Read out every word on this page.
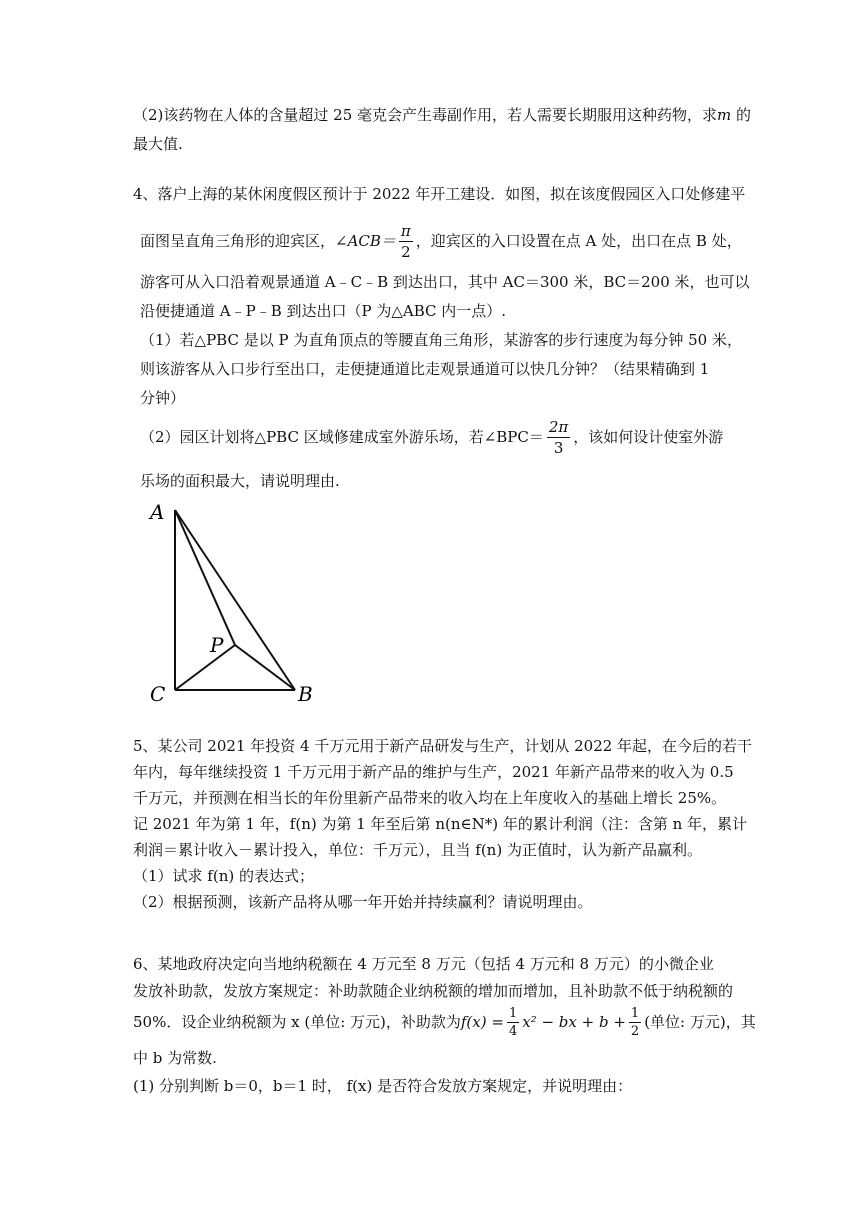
（2)该药物在人体的含量超过 25 毫克会产生毒副作用，若人需要长期服用这种药物，求m 的
最大值.
4、落户上海的某休闲度假区预计于 2022 年开工建设．如图，拟在该度假园区入口处修建平
面图呈直角三角形的迎宾区， ∠ACB＝ $\frac{\pi}{2}$ ，迎宾区的入口设置在点 A 处，出口在点 B 处，
游客可从入口沿着观景通道 A﹣C﹣B 到达出口，其中 AC＝300 米，BC＝200 米，也可以
沿便捷通道 A﹣P﹣B 到达出口（P 为△ABC 内一点）.
（1）若△PBC 是以 P 为直角顶点的等腰直角三角形，某游客的步行速度为每分钟 50 米，
则该游客从入口步行至出口，走便捷通道比走观景通道可以快几分钟？（结果精确到 1
分钟）
（2）园区计划将△PBC 区域修建成室外游乐场，若∠BPC＝ $\frac{2\pi}{3}$ ，该如何设计使室外游
乐场的面积最大，请说明理由.
A
P
C	B
5、某公司 2021 年投资 4 千万元用于新产品研发与生产，计划从 2022 年起，在今后的若干
年内，每年继续投资 1 千万元用于新产品的维护与生产，2021 年新产品带来的收入为 0.5
千万元，并预测在相当长的年份里新产品带来的收入均在上年度收入的基础上增长 25%。
记 2021 年为第 1 年，f(n) 为第 1 年至后第 n(n∈N*) 年的累计利润（注：含第 n 年，累计
利润＝累计收入－累计投入，单位：千万元），且当 f(n) 为正值时，认为新产品赢利。
（1）试求 f(n) 的表达式；
（2）根据预测，该新产品将从哪一年开始并持续赢利？请说明理由。
6、某地政府决定向当地纳税额在 4 万元至 8 万元（包括 4 万元和 8 万元）的小微企业
发放补助款，发放方案规定：补助款随企业纳税额的增加而增加，且补助款不低于纳税额的
50%．设企业纳税额为 x (单位: 万元)，补助款为 $f(x) = \frac{1}{4} x^2$ − bx + $b + \frac{1}{2}$ (单位: 万元)，其
中 b 为常数.
(1) 分别判断 b＝0，b＝1 时， f(x) 是否符合发放方案规定，并说明理由：
